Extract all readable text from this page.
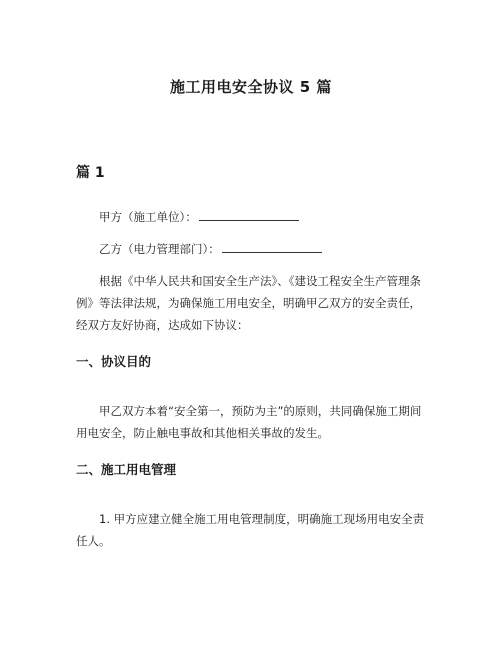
施工用电安全协议 5 篇
篇 1
甲方（施工单位）：
乙方（电力管理部门）：
根据《中华人民共和国安全生产法》、《建设工程安全生产管理条例》等法律法规，为确保施工用电安全，明确甲乙双方的安全责任，经双方友好协商，达成如下协议：
一、协议目的
甲乙双方本着“安全第一，预防为主”的原则，共同确保施工期间用电安全，防止触电事故和其他相关事故的发生。
二、施工用电管理
1. 甲方应建立健全施工用电管理制度，明确施工现场用电安全责任人。
